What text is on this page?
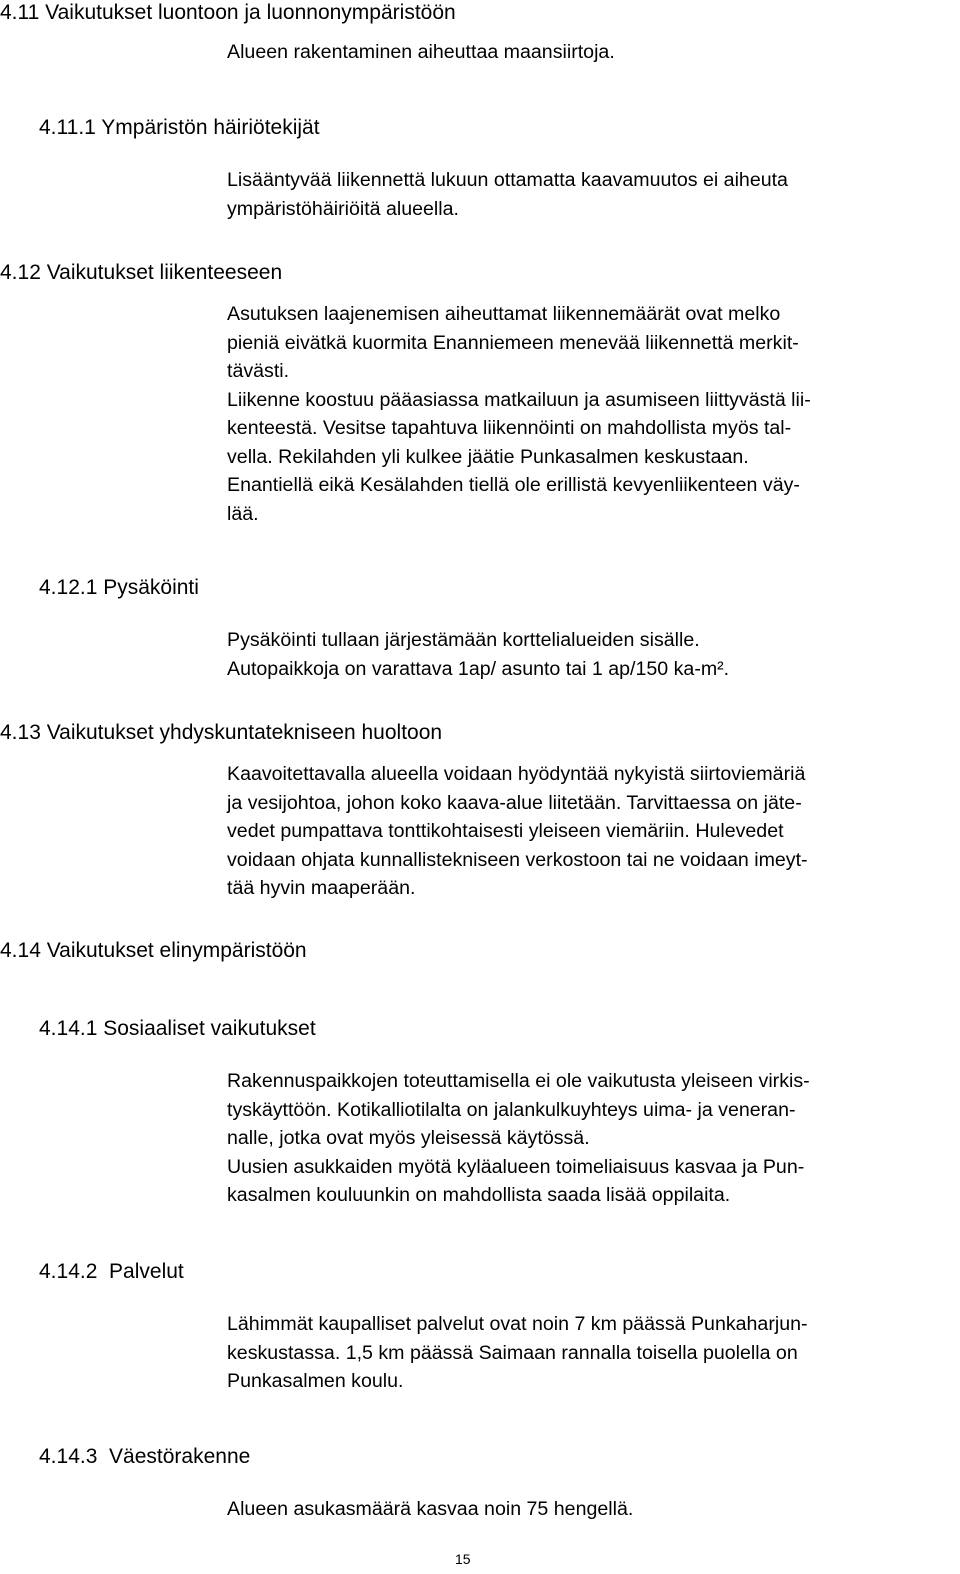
4.11 Vaikutukset luontoon ja luonnonympäristöön
Alueen rakentaminen aiheuttaa maansiirtoja.
4.11.1 Ympäristön häiriötekijät
Lisääntyvää liikennettä lukuun ottamatta kaavamuutos ei aiheuta
ympäristöhäiriöitä alueella.
4.12 Vaikutukset liikenteeseen
Asutuksen laajenemisen aiheuttamat liikennemäärät ovat melko
pieniä eivätkä kuormita Enanniemeen menevää liikennettä merkit-
tävästi.
Liikenne koostuu pääasiassa matkailuun ja asumiseen liittyvästä lii-
kenteestä. Vesitse tapahtuva liikennöinti on mahdollista myös tal-
vella. Rekilahden yli kulkee jäätie Punkasalmen keskustaan.
Enantiellä eikä Kesälahden tiellä ole erillistä kevyenliikenteen väy-
lää.
4.12.1 Pysäköinti
Pysäköinti tullaan järjestämään korttelialueiden sisälle.
Autopaikkoja on varattava 1ap/ asunto tai 1 ap/150 ka-m².
4.13 Vaikutukset yhdyskuntatekniseen huoltoon
Kaavoitettavalla alueella voidaan hyödyntää nykyistä siirtoviemäriä
ja vesijohtoa, johon koko kaava-alue liitetään. Tarvittaessa on jäte-
vedet pumpattava tonttikohtaisesti yleiseen viemäriin. Hulevedet
voidaan ohjata kunnallistekniseen verkostoon tai ne voidaan imeyt-
tää hyvin maaperään.
4.14 Vaikutukset elinympäristöön
4.14.1 Sosiaaliset vaikutukset
Rakennuspaikkojen toteuttamisella ei ole vaikutusta yleiseen virkis-
tyskäyttöön. Kotikalliotilalta on jalankulkuyhteys uima- ja veneran-
nalle, jotka ovat myös yleisessä käytössä.
Uusien asukkaiden myötä kyläalueen toimeliaisuus kasvaa ja Pun-
kasalmen kouluunkin on mahdollista saada lisää oppilaita.
4.14.2  Palvelut
Lähimmät kaupalliset palvelut ovat noin 7 km päässä Punkaharjun-
keskustassa. 1,5 km päässä Saimaan rannalla toisella puolella on
Punkasalmen koulu.
4.14.3  Väestörakenne
Alueen asukasmäärä kasvaa noin 75 hengellä.
15
